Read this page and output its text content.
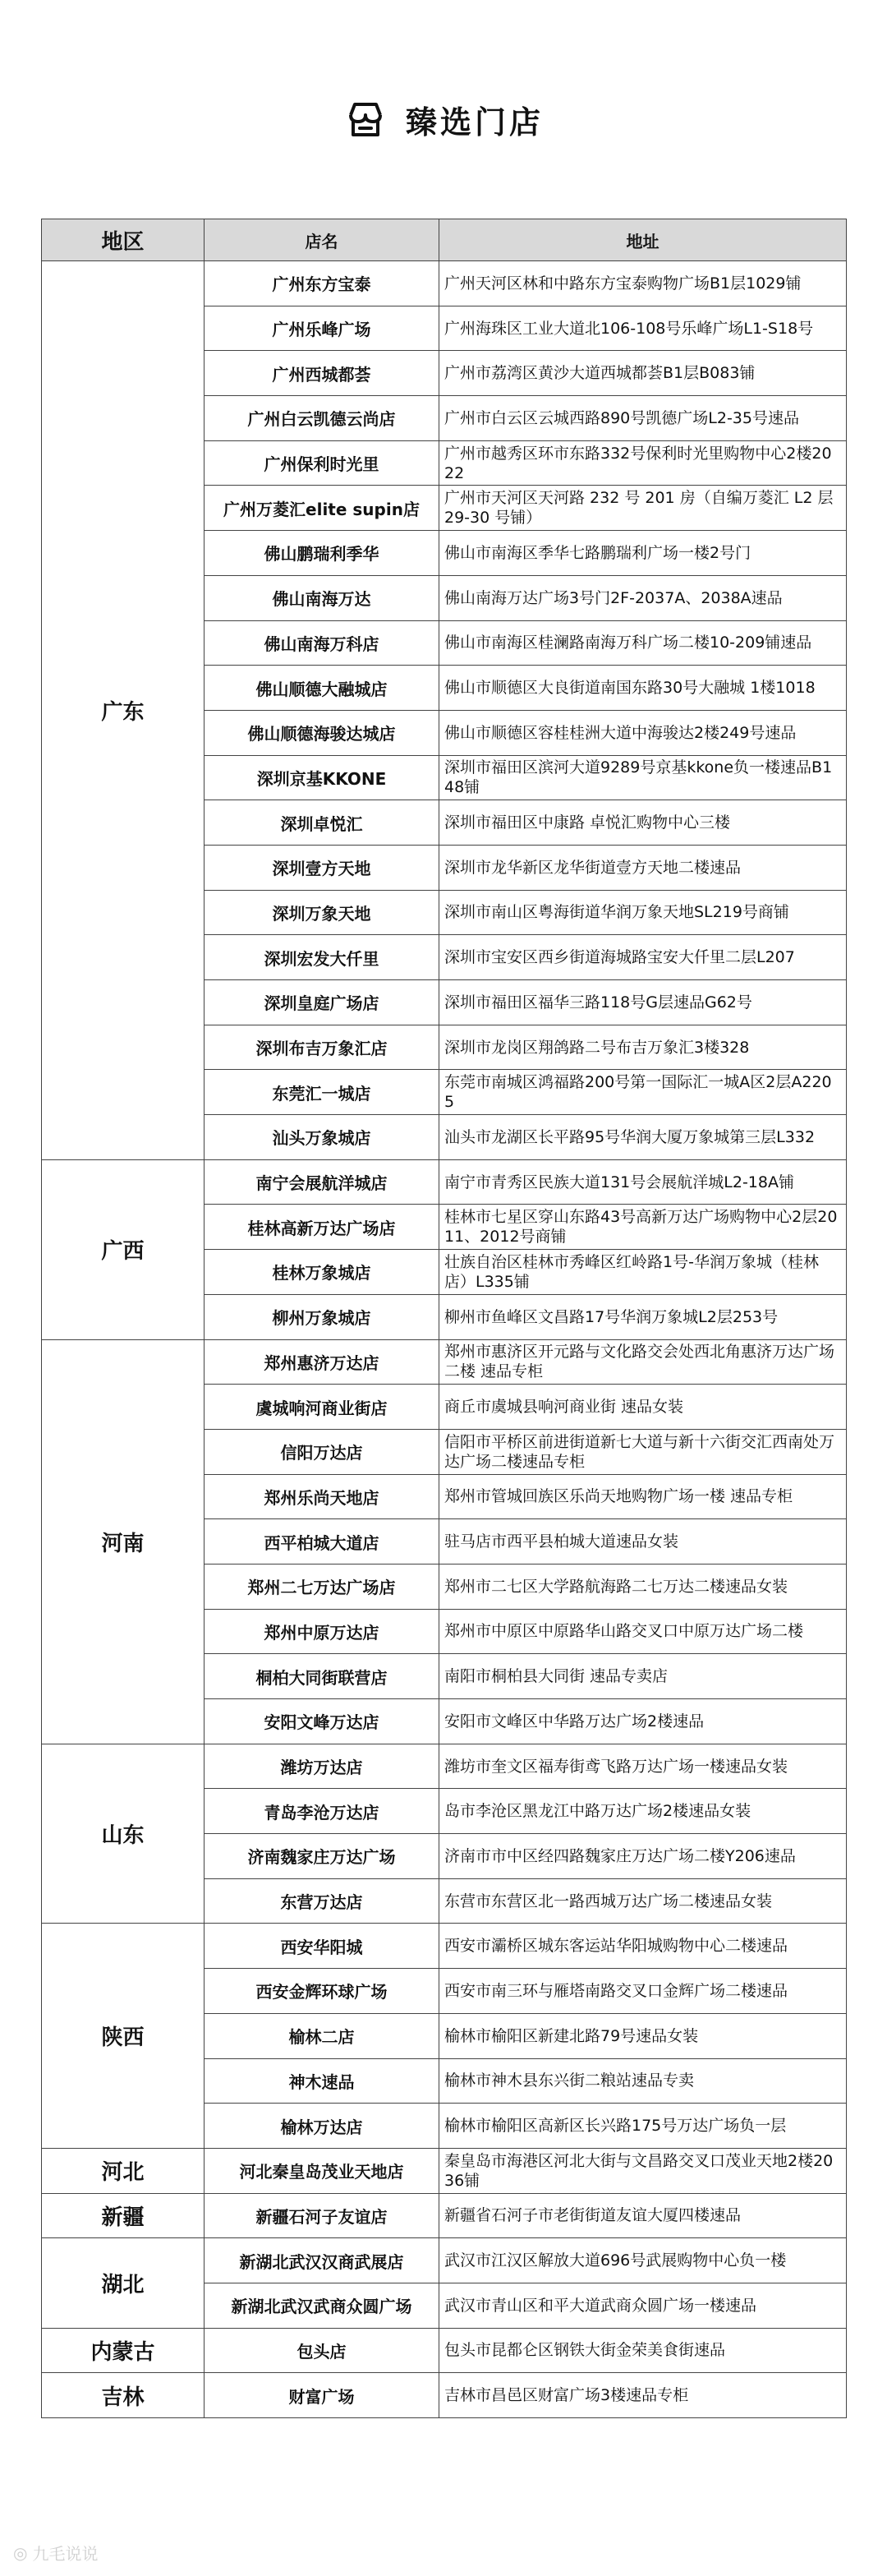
臻选门店
地区	店名	地址
广东	广州东方宝泰	广州天河区林和中路东方宝泰购物广场B1层1029铺
	广州乐峰广场	广州海珠区工业大道北106-108号乐峰广场L1-S18号
	广州西城都荟	广州市荔湾区黄沙大道西城都荟B1层B083铺
	广州白云凯德云尚店	广州市白云区云城西路890号凯德广场L2-35号速品
	广州保利时光里	广州市越秀区环市东路332号保利时光里购物中心2楼2022
	广州万菱汇elite supin店	广州市天河区天河路 232 号 201 房（自编万菱汇 L2 层 29-30 号铺）
	佛山鹏瑞利季华	佛山市南海区季华七路鹏瑞利广场一楼2号门
	佛山南海万达	佛山南海万达广场3号门2F-2037A、2038A速品
	佛山南海万科店	佛山市南海区桂澜路南海万科广场二楼10-209铺速品
	佛山顺德大融城店	佛山市顺德区大良街道南国东路30号大融城 1楼1018
	佛山顺德海骏达城店	佛山市顺德区容桂桂洲大道中海骏达2楼249号速品
	深圳京基KKONE	深圳市福田区滨河大道9289号京基kkone负一楼速品B148铺
	深圳卓悦汇	深圳市福田区中康路 卓悦汇购物中心三楼
	深圳壹方天地	深圳市龙华新区龙华街道壹方天地二楼速品
	深圳万象天地	深圳市南山区粤海街道华润万象天地SL219号商铺
	深圳宏发大仟里	深圳市宝安区西乡街道海城路宝安大仟里二层L207
	深圳皇庭广场店	深圳市福田区福华三路118号G层速品G62号
	深圳布吉万象汇店	深圳市龙岗区翔鸽路二号布吉万象汇3楼328
	东莞汇一城店	东莞市南城区鸿福路200号第一国际汇一城A区2层A2205
	汕头万象城店	汕头市龙湖区长平路95号华润大厦万象城第三层L332
广西	南宁会展航洋城店	南宁市青秀区民族大道131号会展航洋城L2-18A铺
	桂林高新万达广场店	桂林市七星区穿山东路43号高新万达广场购物中心2层2011、2012号商铺
	桂林万象城店	壮族自治区桂林市秀峰区红岭路1号-华润万象城（桂林店）L335铺
	柳州万象城店	柳州市鱼峰区文昌路17号华润万象城L2层253号
河南	郑州惠济万达店	郑州市惠济区开元路与文化路交会处西北角惠济万达广场二楼 速品专柜
	虞城响河商业街店	商丘市虞城县响河商业街 速品女装
	信阳万达店	信阳市平桥区前进街道新七大道与新十六街交汇西南处万达广场二楼速品专柜
	郑州乐尚天地店	郑州市管城回族区乐尚天地购物广场一楼 速品专柜
	西平柏城大道店	驻马店市西平县柏城大道速品女装
	郑州二七万达广场店	郑州市二七区大学路航海路二七万达二楼速品女装
	郑州中原万达店	郑州市中原区中原路华山路交叉口中原万达广场二楼
	桐柏大同街联营店	南阳市桐柏县大同街 速品专卖店
	安阳文峰万达店	安阳市文峰区中华路万达广场2楼速品
山东	潍坊万达店	潍坊市奎文区福寿街鸢飞路万达广场一楼速品女装
	青岛李沧万达店	岛市李沧区黑龙江中路万达广场2楼速品女装
	济南魏家庄万达广场	济南市市中区经四路魏家庄万达广场二楼Y206速品
	东营万达店	东营市东营区北一路西城万达广场二楼速品女装
陕西	西安华阳城	西安市灞桥区城东客运站华阳城购物中心二楼速品
	西安金辉环球广场	西安市南三环与雁塔南路交叉口金辉广场二楼速品
	榆林二店	榆林市榆阳区新建北路79号速品女装
	神木速品	榆林市神木县东兴街二粮站速品专卖
	榆林万达店	榆林市榆阳区高新区长兴路175号万达广场负一层
河北	河北秦皇岛茂业天地店	秦皇岛市海港区河北大街与文昌路交叉口茂业天地2楼2036铺
新疆	新疆石河子友谊店	新疆省石河子市老街街道友谊大厦四楼速品
湖北	新湖北武汉汉商武展店	武汉市江汉区解放大道696号武展购物中心负一楼
	新湖北武汉武商众圆广场	武汉市青山区和平大道武商众圆广场一楼速品
内蒙古	包头店	包头市昆都仑区钢铁大街金荣美食街速品
吉林	财富广场	吉林市昌邑区财富广场3楼速品专柜
◎ 九毛说说
